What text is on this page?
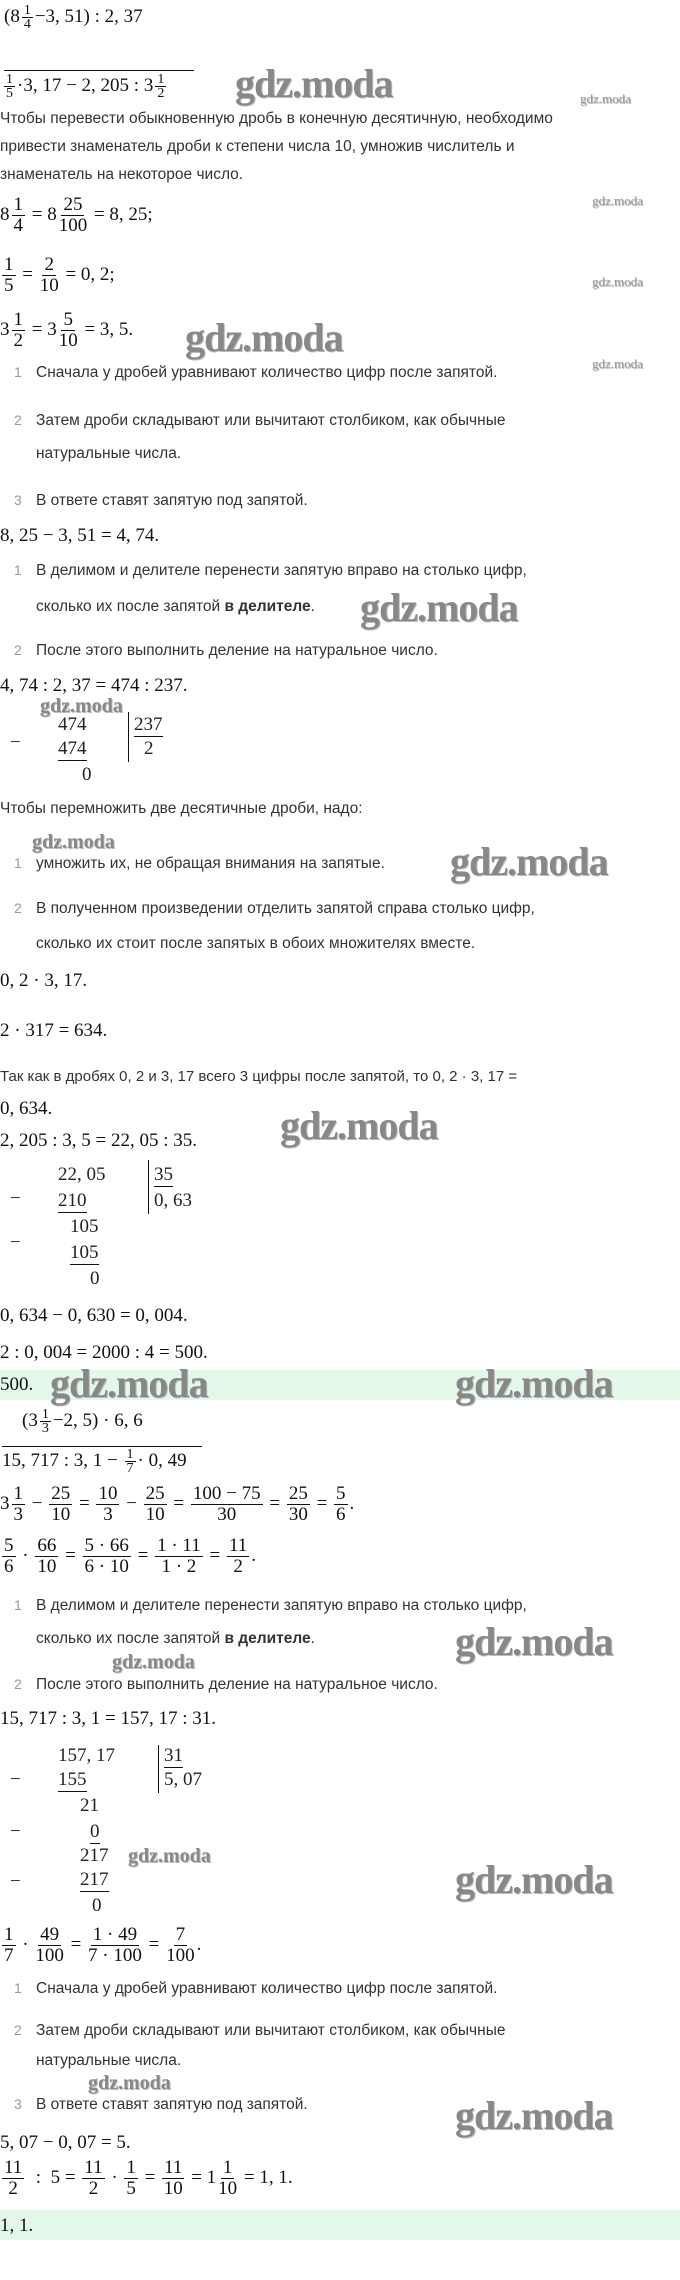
($8 \frac{1}{4} -3$, 51) : 2, 37
$\frac{1}{5} \cdot 3$, 17 − 2, 205 : $3 \frac{1}{2}$ gdz.moda	gdz.moda
Чтобы перевести обыкновенную дробь в конечную десятичную, необходимо
привести знаменатель дроби к степени числа 10, умножив числитель и
знаменатель на некоторое число.
gdz.moda
$8 \frac{1}{4} = 8 \frac{25}{100} = 8$, 25;
$\frac{1}{5} = \frac{2}{10} = 0$, 2;	gdz.moda
$3 \frac{1}{2} = 3 \frac{5}{10} = 3$, 5. gdz.moda
gdz.moda
1 Сначала у дробей уравнивают количество цифр после запятой.
2 Затем дроби складывают или вычитают столбиком, как обычные
натуральные числа.
3 В ответе ставят запятую под запятой.
8, 25 − 3, 51 = 4, 74.
1 В делимом и делителе перенести запятую вправо на столько цифр,
сколько их после запятой в делителе. gdz.moda
2 После этого выполнить деление на натуральное число.
4, 74 : 2, 37 = 474 : 237.
gdz.moda
−
474
474
0
237
2
Чтобы перемножить две десятичные дроби, надо:
gdz.moda
1 умножить их, не обращая внимания на запятые. gdz.moda
2 В полученном произведении отделить запятой справа столько цифр,
сколько их стоит после запятых в обоих множителях вместе.
0, 2 · 3, 17.
2 · 317 = 634.
Так как в дробях 0, 2 и 3, 17 всего 3 цифры после запятой, то 0, 2 · 3, 17 =
0, 634.
2, 205 : 3, 5 = 22, 05 : 35. gdz.moda
−
22, 05
210
−
105
105
0
35
0, 63
0, 634 − 0, 630 = 0, 004.
2 : 0, 004 = 2000 : 4 = 500.
500. gdz.moda	gdz.moda
($3 \frac{1}{3} -2$, 5) · 6, 6
15, 717 : 3, $1 - \frac{1}{7} \cdot 0$, 49
$3 \frac{1}{3} - \frac{25}{10} = \frac{10}{3} - \frac{25}{10} = \frac{100 - 75}{30} = \frac{25}{30} = \frac{5}{6}$ .
$\frac{5}{6} \cdot \frac{66}{10} = \frac{5 \cdot 66}{6 \cdot 10} = \frac{1 \cdot 11}{1 \cdot 2} = \frac{11}{2}$ .
1 В делимом и делителе перенести запятую вправо на столько цифр,
сколько их после запятой в делителе.	gdz.moda
gdz.moda
2 После этого выполнить деление на натуральное число.
15, 717 : 3, 1 = 157, 17 : 31.
−
157, 17
155
−
21
0
−
217
217
0
31
5, 07
gdz.moda
gdz.moda
$\frac{1}{7} \cdot \frac{49}{100} = \frac{1 \cdot 49}{7 \cdot 100} = \frac{7}{100}$ .
1 Сначала у дробей уравнивают количество цифр после запятой.
2 Затем дроби складывают или вычитают столбиком, как обычные
натуральные числа.
gdz.moda
3 В ответе ставят запятую под запятой.	gdz.moda
5, 07 − 0, 07 = 5.
$\frac{11}{2}$ :  $5 = \frac{11}{2} \cdot \frac{1}{5} = \frac{11}{10} = 1 \frac{1}{10} = 1$, 1.
1, 1.
